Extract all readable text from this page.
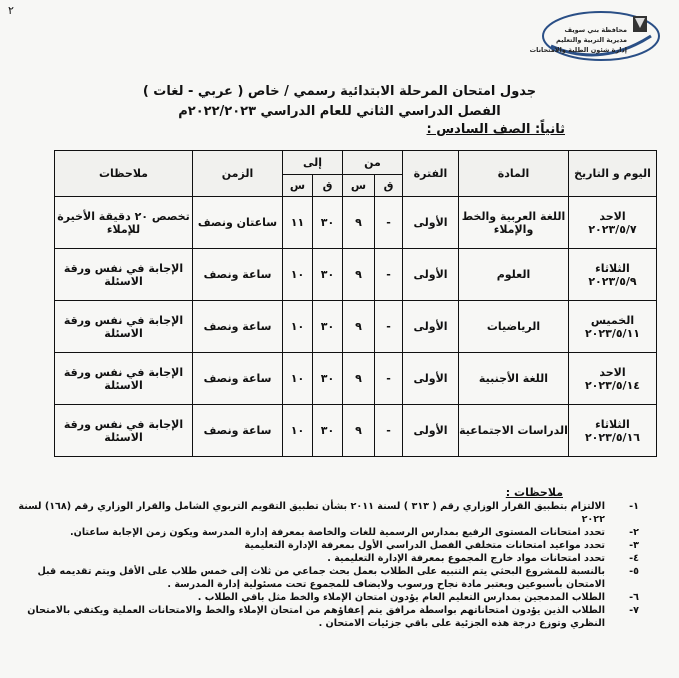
٢
محافظة بني سويف
مديرية التربية والتعليم
إدارة شئون الطلبة والامتحانات
جدول امتحان المرحلة الابتدائية رسمي / خاص ( عربي - لغات )
الفصل الدراسي الثاني للعام الدراسي ٢٠٢٢/٢٠٢٣م
ثانياً: الصف السادس :
اليوم و التاريخ	المادة	الفترة	من		إلى		الزمن	ملاحظات
			ق	س	ق	س		

الاحد
٢٠٢٣/٥/٧	اللغة العربية والخط والإملاء	الأولى	-	٩	٣٠	١١	ساعتان ونصف	تخصص ٢٠ دقيقة الأخيرة للإملاء

الثلاثاء
٢٠٢٣/٥/٩	العلوم	الأولى	-	٩	٣٠	١٠	ساعة ونصف	الإجابة في نفس ورقة الاسئلة

الخميس
٢٠٢٣/٥/١١	الرياضيات	الأولى	-	٩	٣٠	١٠	ساعة ونصف	الإجابة في نفس ورقة الاسئلة

الاحد
٢٠٢٣/٥/١٤	اللغة الأجنبية	الأولى	-	٩	٣٠	١٠	ساعة ونصف	الإجابة في نفس ورقة الاسئلة

الثلاثاء
٢٠٢٣/٥/١٦	الدراسات الاجتماعية	الأولى	-	٩	٣٠	١٠	ساعة ونصف	الإجابة في نفس ورقة الاسئلة
ملاحظات :
١-
الالتزام بتطبيق القرار الوزاري رقم ( ٣١٣ ) لسنة ٢٠١١ بشأن تطبيق التقويم التربوي الشامل والقرار الوزاري رقم (١٦٨) لسنة ٢٠٢٢
٢-
تحدد امتحانات المستوى الرفيع بمدارس الرسمية للغات والخاصة بمعرفة إدارة المدرسة ويكون زمن الإجابة ساعتان.
٣-
تحدد مواعيد امتحانات متخلفي الفصل الدراسي الأول بمعرفة الإدارة التعليمية
٤-
تحدد امتحانات مواد خارج المجموع بمعرفة الإدارة التعليمية .
٥-
بالنسبة للمشروع البحثي يتم التنبيه على الطلاب بعمل بحث جماعي من ثلاث إلى خمس طلاب على الأقل ويتم تقديمه قبل الامتحان بأسبوعين ويعتبر مادة نجاح ورسوب ولايضاف للمجموع تحت مسئولية إدارة المدرسة .
٦-
الطلاب المدمجين بمدارس التعليم العام يؤدون امتحان الإملاء والخط مثل باقي الطلاب .
٧-
الطلاب الذين يؤدون امتحاناتهم بواسطة مرافق يتم إعفاؤهم من امتحان الإملاء والخط والامتحانات العملية ويكتفي بالامتحان النظري وتوزع درجة هذه الجزئية على باقي جزئيات الامتحان .
